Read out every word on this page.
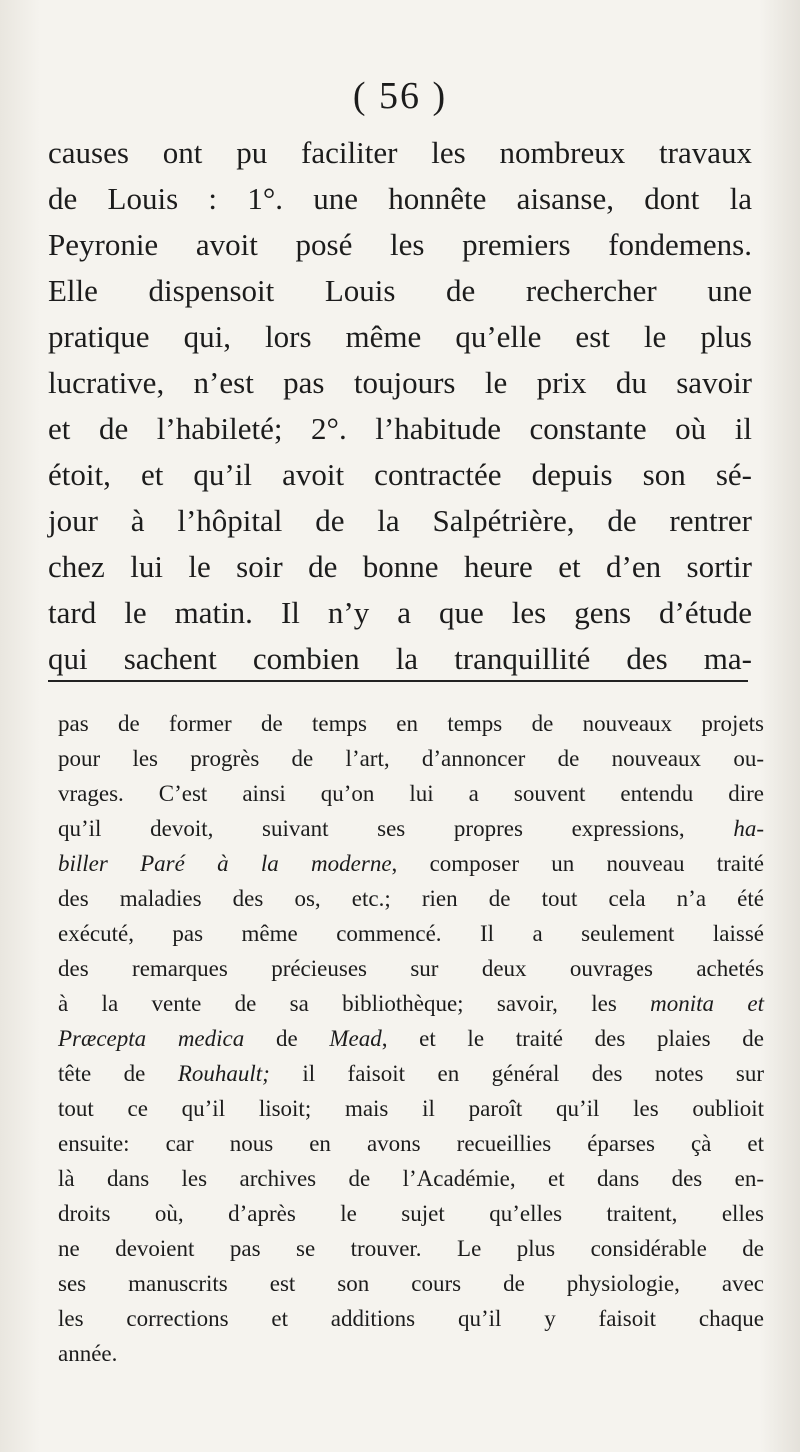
( 56 )
causes ont pu faciliter les nombreux travaux
de Louis : 1°. une honnête aisanse, dont la
Peyronie avoit posé les premiers fondemens.
Elle dispensoit Louis de rechercher une
pratique qui, lors même qu’elle est le plus
lucrative, n’est pas toujours le prix du savoir
et de l’habileté; 2°. l’habitude constante où il
étoit, et qu’il avoit contractée depuis son sé-
jour à l’hôpital de la Salpétrière, de rentrer
chez lui le soir de bonne heure et d’en sortir
tard le matin. Il n’y a que les gens d’étude
qui sachent combien la tranquillité des ma-
pas de former de temps en temps de nouveaux projets
pour les progrès de l’art, d’annoncer de nouveaux ou-
vrages. C’est ainsi qu’on lui a souvent entendu dire
qu’il devoit, suivant ses propres expressions, ha-
biller Paré à la moderne, composer un nouveau traité
des maladies des os, etc.; rien de tout cela n’a été
exécuté, pas même commencé. Il a seulement laissé
des remarques précieuses sur deux ouvrages achetés
à la vente de sa bibliothèque; savoir, les monita et
Præcepta medica de Mead, et le traité des plaies de
tête de Rouhault; il faisoit en général des notes sur
tout ce qu’il lisoit; mais il paroît qu’il les oublioit
ensuite: car nous en avons recueillies éparses çà et
là dans les archives de l’Académie, et dans des en-
droits où, d’après le sujet qu’elles traitent, elles
ne devoient pas se trouver. Le plus considérable de
ses manuscrits est son cours de physiologie, avec
les corrections et additions qu’il y faisoit chaque
année.
